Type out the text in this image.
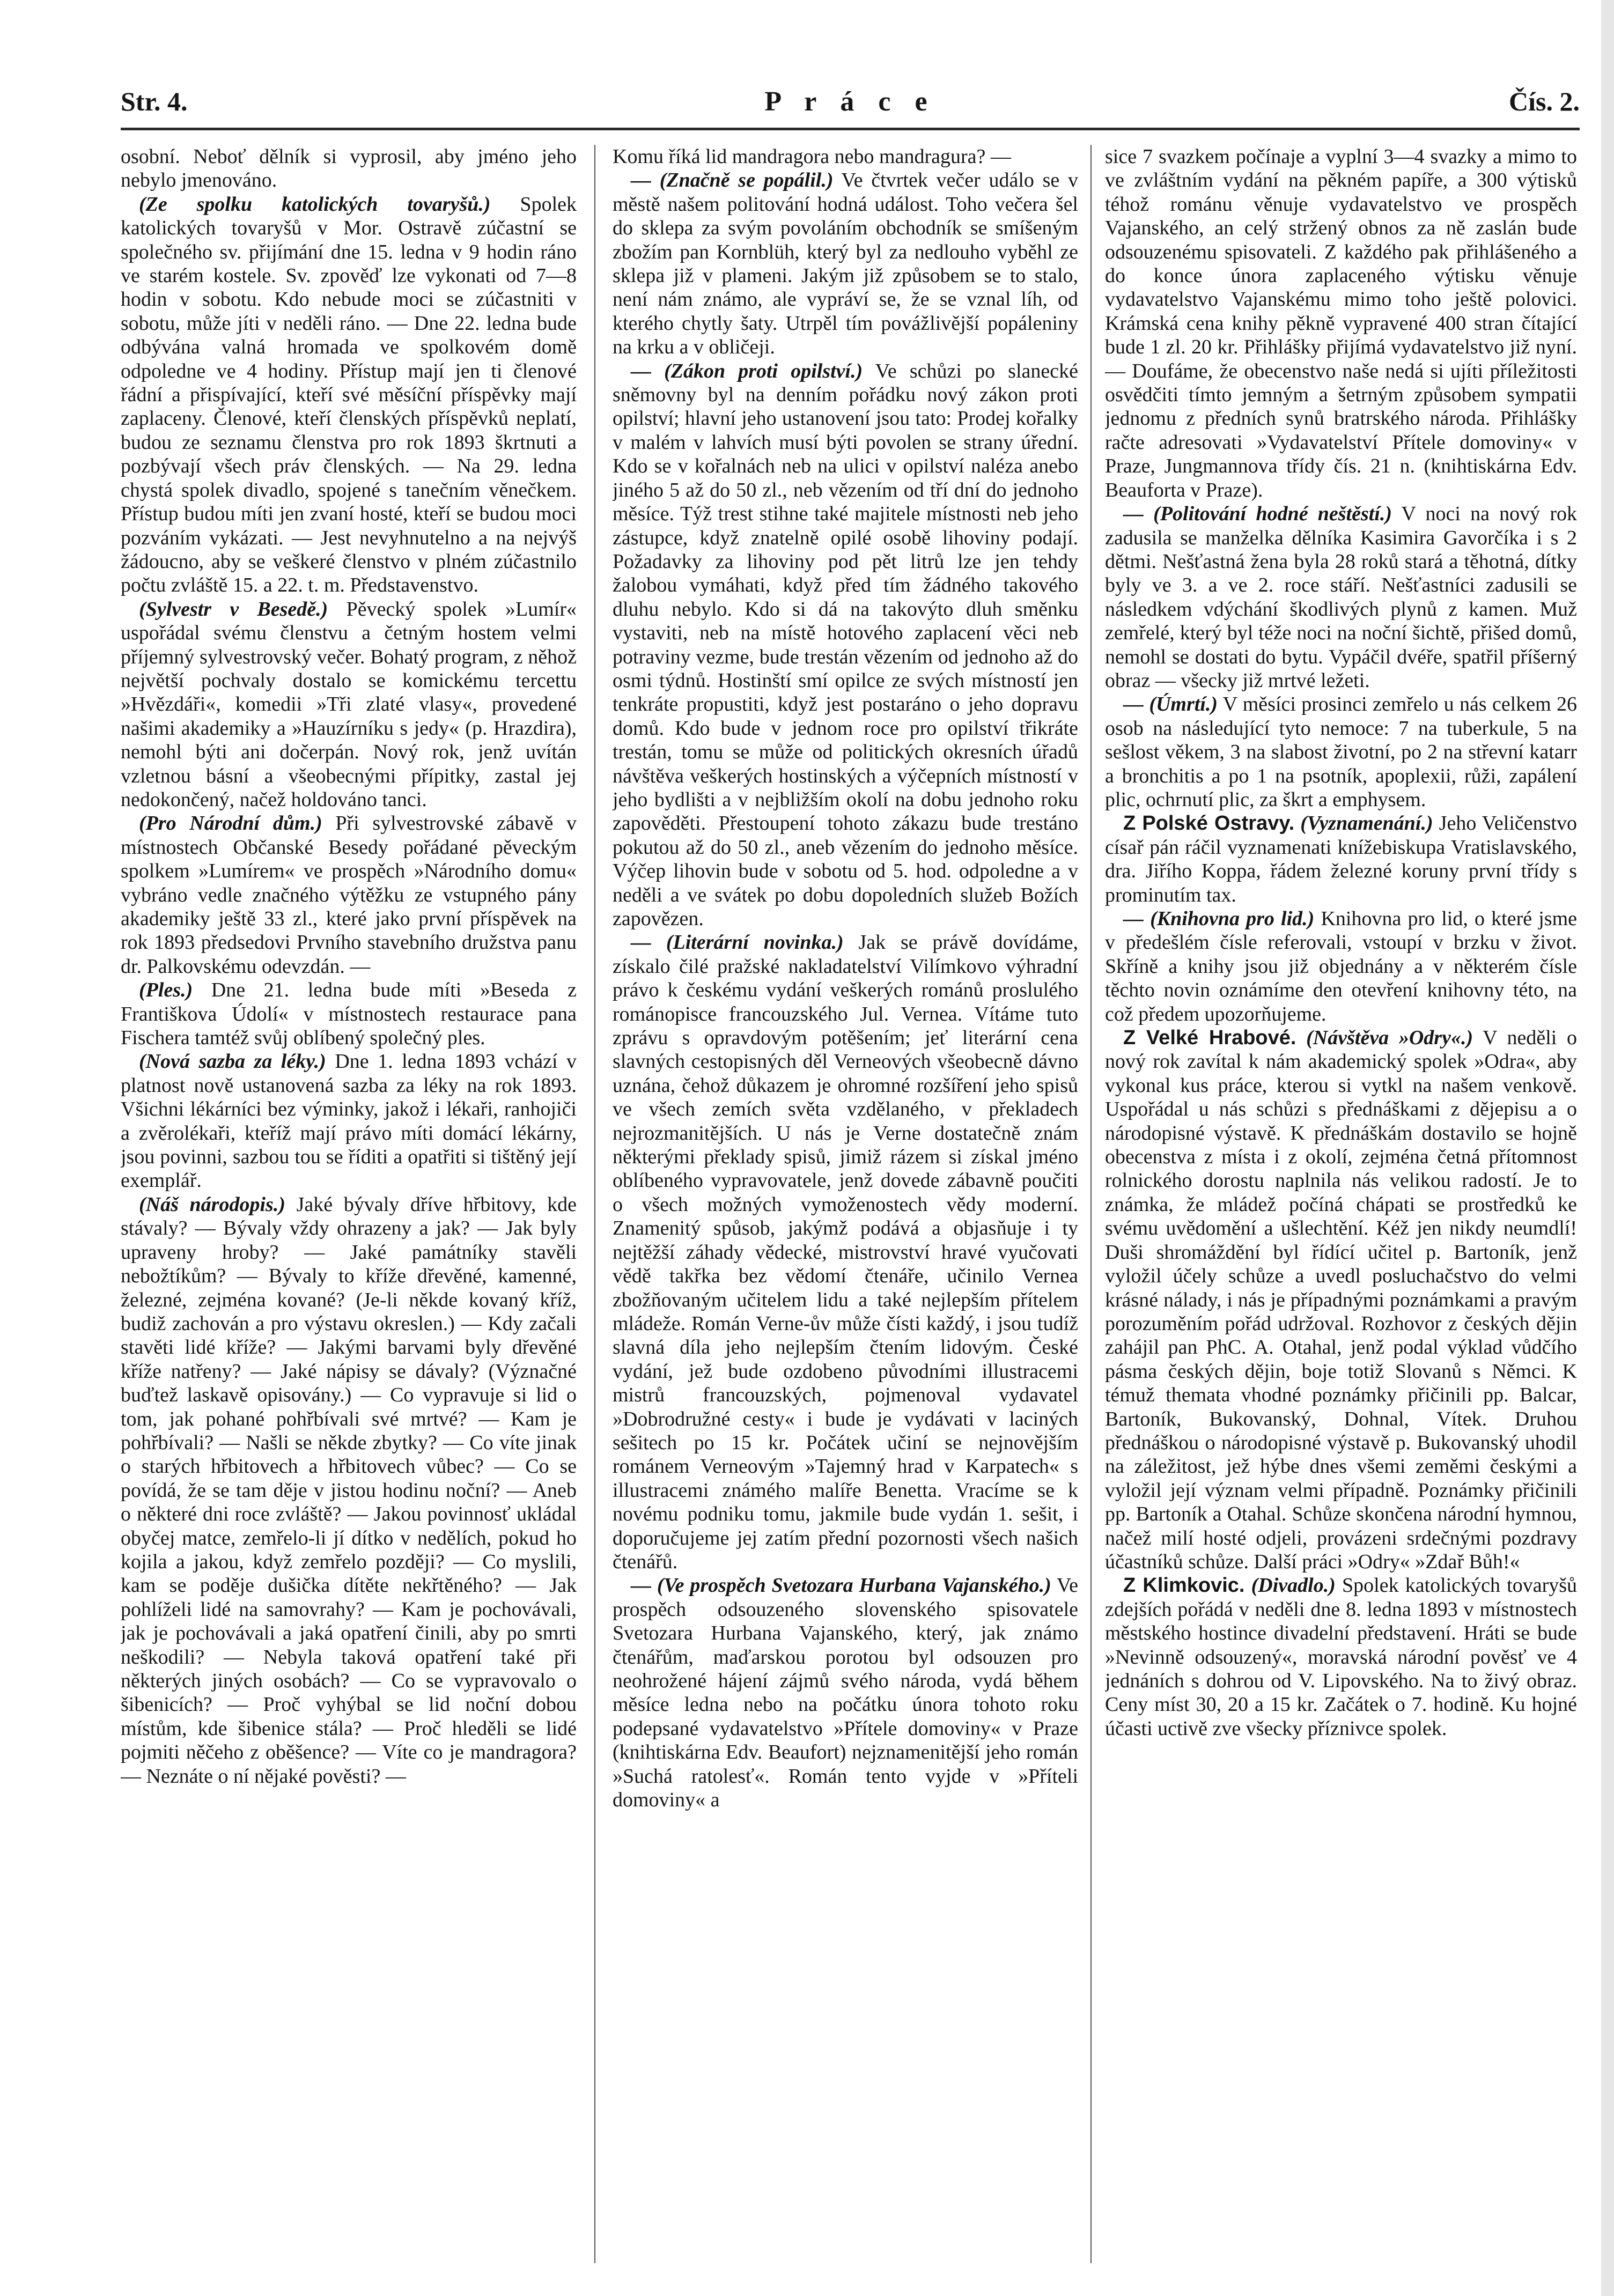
Str. 4.	P r á c e	Čís. 2.

osobní. Neboť dělník si vyprosil, aby jméno jeho nebylo jmenováno.

(Ze spolku katolických tovaryšů.) Spolek katolických tovaryšů v Mor. Ostravě zúčastní se společného sv. přijímání dne 15. ledna v 9 hodin ráno ve starém kostele. Sv. zpověď lze vykonati od 7—8 hodin v sobotu. Kdo nebude moci se zúčastniti v sobotu, může jíti v neděli ráno. — Dne 22. ledna bude odbývána valná hromada ve spolkovém domě odpoledne ve 4 hodiny. Přístup mají jen ti členové řádní a přispívající, kteří své měsíční příspěvky mají zaplaceny. Členové, kteří členských příspěvků neplatí, budou ze seznamu členstva pro rok 1893 škrtnuti a pozbývají všech práv členských. — Na 29. ledna chystá spolek divadlo, spojené s tanečním věnečkem. Přístup budou míti jen zvaní hosté, kteří se budou moci pozváním vykázati. — Jest nevyhnutelno a na nejvýš žádoucno, aby se veškeré členstvo v plném zúčastnilo počtu zvláště 15. a 22. t. m. Představenstvo.

(Sylvestr v Besedě.) Pěvecký spolek »Lumír« uspořádal svému členstvu a četným hostem velmi příjemný sylvestrovský večer. Bohatý program, z něhož největší pochvaly dostalo se komickému tercettu »Hvězdáři«, komedii »Tři zlaté vlasy«, provedené našimi akademiky a »Hauzírníku s jedy« (p. Hrazdira), nemohl býti ani dočerpán. Nový rok, jenž uvítán vzletnou básní a všeobecnými přípitky, zastal jej nedokončený, načež holdováno tanci.

(Pro Národní dům.) Při sylvestrovské zábavě v místnostech Občanské Besedy pořádané pěveckým spolkem »Lumírem« ve prospěch »Národního domu« vybráno vedle značného výtěžku ze vstupného pány akademiky ještě 33 zl., které jako první příspěvek na rok 1893 předsedovi Prvního stavebního družstva panu dr. Palkovskému odevzdán. —

(Ples.) Dne 21. ledna bude míti »Beseda z Františkova Údolí« v místnostech restaurace pana Fischera tamtéž svůj oblíbený společný ples.

(Nová sazba za léky.) Dne 1. ledna 1893 vchází v platnost nově ustanovená sazba za léky na rok 1893. Všichni lékárníci bez výminky, jakož i lékaři, ranhojiči a zvěrolékaři, kteříž mají právo míti domácí lékárny, jsou povinni, sazbou tou se říditi a opatřiti si tištěný její exemplář.

(Náš národopis.) Jaké bývaly dříve hřbitovy, kde stávaly? — Bývaly vždy ohrazeny a jak? — Jak byly upraveny hroby? — Jaké památníky stavěli nebožtíkům? — Bývaly to kříže dřevěné, kamenné, železné, zejména kované? (Je-li někde kovaný kříž, budiž zachován a pro výstavu okreslen.) — Kdy začali stavěti lidé kříže? — Jakými barvami byly dřevěné kříže natřeny? — Jaké nápisy se dávaly? (Význačné buďtež laskavě opisovány.) — Co vypravuje si lid o tom, jak pohané pohřbívali své mrtvé? — Kam je pohřbívali? — Našli se někde zbytky? — Co víte jinak o starých hřbitovech a hřbitovech vůbec? — Co se povídá, že se tam děje v jistou hodinu noční? — Aneb o některé dni roce zvláště? — Jakou povinnosť ukládal obyčej matce, zemřelo-li jí dítko v nedělích, pokud ho kojila a jakou, když zemřelo později? — Co myslili, kam se poděje dušička dítěte nekřtěného? — Jak pohlíželi lidé na samovrahy? — Kam je pochovávali, jak je pochovávali a jaká opatření činili, aby po smrti neškodili? — Nebyla taková opatření také při některých jiných osobách? — Co se vypravovalo o šibenicích? — Proč vyhýbal se lid noční dobou místům, kde šibenice stála? — Proč hleděli se lidé pojmiti něčeho z oběšence? — Víte co je mandragora? — Neznáte o ní nějaké pověsti? —

Komu říká lid mandragora nebo mandragura? —

— (Značně se popálil.) Ve čtvrtek večer událo se v městě našem politování hodná událost. Toho večera šel do sklepa za svým povoláním obchodník se smíšeným zbožím pan Kornblüh, který byl za nedlouho vyběhl ze sklepa již v plameni. Jakým již způsobem se to stalo, není nám známo, ale vypráví se, že se vznal líh, od kterého chytly šaty. Utrpěl tím povážlivější popáleniny na krku a v obličeji.

— (Zákon proti opilství.) Ve schůzi po slanecké sněmovny byl na denním pořádku nový zákon proti opilství; hlavní jeho ustanovení jsou tato: Prodej kořalky v malém v lahvích musí býti povolen se strany úřední. Kdo se v kořalnách neb na ulici v opilství naléza anebo jiného 5 až do 50 zl., neb vězením od tří dní do jednoho měsíce. Týž trest stihne také majitele místnosti neb jeho zástupce, když znatelně opilé osobě lihoviny podají. Požadavky za lihoviny pod pět litrů lze jen tehdy žalobou vymáhati, když před tím žádného takového dluhu nebylo. Kdo si dá na takovýto dluh směnku vystaviti, neb na místě hotového zaplacení věci neb potraviny vezme, bude trestán vězením od jednoho až do osmi týdnů. Hostinští smí opilce ze svých místností jen tenkráte propustiti, když jest postaráno o jeho dopravu domů. Kdo bude v jednom roce pro opilství třikráte trestán, tomu se může od politických okresních úřadů návštěva veškerých hostinských a výčepních místností v jeho bydlišti a v nejbližším okolí na dobu jednoho roku zapověděti. Přestoupení tohoto zákazu bude trestáno pokutou až do 50 zl., aneb vězením do jednoho měsíce. Výčep lihovin bude v sobotu od 5. hod. odpoledne a v neděli a ve svátek po dobu dopoledních služeb Božích zapovězen.

— (Literární novinka.) Jak se právě dovídáme, získalo čilé pražské nakladatelství Vilímkovo výhradní právo k českému vydání veškerých románů proslulého románopisce francouzského Jul. Vernea. Vítáme tuto zprávu s opravdovým potěšením; jeť literární cena slavných cestopisných děl Verneových všeobecně dávno uznána, čehož důkazem je ohromné rozšíření jeho spisů ve všech zemích světa vzdělaného, v překladech nejrozmanitějších. U nás je Verne dostatečně znám některými překlady spisů, jimiž rázem si získal jméno oblíbeného vypravovatele, jenž dovede zábavně poučiti o všech možných vymoženostech vědy moderní. Znamenitý spůsob, jakýmž podává a objasňuje i ty nejtěžší záhady vědecké, mistrovství hravé vyučovati vědě takřka bez vědomí čtenáře, učinilo Vernea zbožňovaným učitelem lidu a také nejlepším přítelem mládeže. Román Verne-ův může čísti každý, i jsou tudíž slavná díla jeho nejlepším čtením lidovým. České vydání, jež bude ozdobeno původními illustracemi mistrů francouzských, pojmenoval vydavatel »Dobrodružné cesty« i bude je vydávati v laciných sešitech po 15 kr. Počátek učiní se nejnovějším románem Verneovým »Tajemný hrad v Karpatech« s illustracemi známého malíře Benetta. Vracíme se k novému podniku tomu, jakmile bude vydán 1. sešit, i doporučujeme jej zatím přední pozornosti všech našich čtenářů.

— (Ve prospěch Svetozara Hurbana Vajanského.) Ve prospěch odsouzeného slovenského spisovatele Svetozara Hurbana Vajanského, který, jak známo čtenářům, maďarskou porotou byl odsouzen pro neohrožené hájení zájmů svého národa, vydá během měsíce ledna nebo na počátku února tohoto roku podepsané vydavatelstvo »Přítele domoviny« v Praze (knihtiskárna Edv. Beaufort) nejznamenitější jeho román »Suchá ratolesť«. Román tento vyjde v »Příteli domoviny« a

sice 7 svazkem počínaje a vyplní 3—4 svazky a mimo to ve zvláštním vydání na pěkném papíře, a 300 výtisků téhož románu věnuje vydavatelstvo ve prospěch Vajanského, an celý stržený obnos za ně zaslán bude odsouzenému spisovateli. Z každého pak přihlášeného a do konce února zaplaceného výtisku věnuje vydavatelstvo Vajanskému mimo toho ještě polovici. Krámská cena knihy pěkně vypravené 400 stran čítající bude 1 zl. 20 kr. Přihlášky přijímá vydavatelstvo již nyní. — Doufáme, že obecenstvo naše nedá si ujíti příležitosti osvědčiti tímto jemným a šetrným způsobem sympatii jednomu z předních synů bratrského národa. Přihlášky račte adresovati »Vydavatelství Přítele domoviny« v Praze, Jungmannova třídy čís. 21 n. (knihtiskárna Edv. Beauforta v Praze).

— (Politování hodné neštěstí.) V noci na nový rok zadusila se manželka dělníka Kasimira Gavorčíka i s 2 dětmi. Nešťastná žena byla 28 roků stará a těhotná, dítky byly ve 3. a ve 2. roce stáří. Nešťastníci zadusili se následkem vdýchání škodlivých plynů z kamen. Muž zemřelé, který byl téže noci na noční šichtě, přišed domů, nemohl se dostati do bytu. Vypáčil dvéře, spatřil příšerný obraz — všecky již mrtvé ležeti.

— (Úmrtí.) V měsíci prosinci zemřelo u nás celkem 26 osob na následující tyto nemoce: 7 na tuberkule, 5 na sešlost věkem, 3 na slabost životní, po 2 na střevní katarr a bronchitis a po 1 na psotník, apoplexii, růži, zapálení plic, ochrnutí plic, za škrt a emphysem.

Z Polské Ostravy. (Vyznamenání.) Jeho Veličenstvo císař pán ráčil vyznamenati knížebiskupa Vratislavského, dra. Jiřího Koppa, řádem železné koruny první třídy s prominutím tax.

— (Knihovna pro lid.) Knihovna pro lid, o které jsme v předešlém čísle referovali, vstoupí v brzku v život. Skříně a knihy jsou již objednány a v některém čísle těchto novin oznámíme den otevření knihovny této, na což předem upozorňujeme.

Z Velké Hrabové. (Návštěva »Odry«.) V neděli o nový rok zavítal k nám akademický spolek »Odra«, aby vykonal kus práce, kterou si vytkl na našem venkově. Uspořádal u nás schůzi s přednáškami z dějepisu a o národopisné výstavě. K přednáškám dostavilo se hojně obecenstva z místa i z okolí, zejména četná přítomnost rolnického dorostu naplnila nás velikou radostí. Je to známka, že mládež počíná chápati se prostředků ke svému uvědomění a ušlechtění. Kéž jen nikdy neumdlí! Duši shromáždění byl řídící učitel p. Bartoník, jenž vyložil účely schůze a uvedl posluchačstvo do velmi krásné nálady, i nás je případnými poznámkami a pravým porozuměním pořád udržoval. Rozhovor z českých dějin zahájil pan PhC. A. Otahal, jenž podal výklad vůdčího pásma českých dějin, boje totiž Slovanů s Němci. K témuž themata vhodné poznámky přičinili pp. Balcar, Bartoník, Bukovanský, Dohnal, Vítek. Druhou přednáškou o národopisné výstavě p. Bukovanský uhodil na záležitost, jež hýbe dnes všemi zeměmi českými a vyložil její význam velmi případně. Poznámky přičinili pp. Bartoník a Otahal. Schůze skončena národní hymnou, načež milí hosté odjeli, provázeni srdečnými pozdravy účastníků schůze. Další práci »Odry« »Zdař Bůh!«

Z Klimkovic. (Divadlo.) Spolek katolických tovaryšů zdejších pořádá v neděli dne 8. ledna 1893 v místnostech městského hostince divadelní představení. Hráti se bude »Nevinně odsouzený«, moravská národní pověsť ve 4 jednáních s dohrou od V. Lipovského. Na to živý obraz. Ceny míst 30, 20 a 15 kr. Začátek o 7. hodině. Ku hojné účasti uctivě zve všecky příznivce spolek.
